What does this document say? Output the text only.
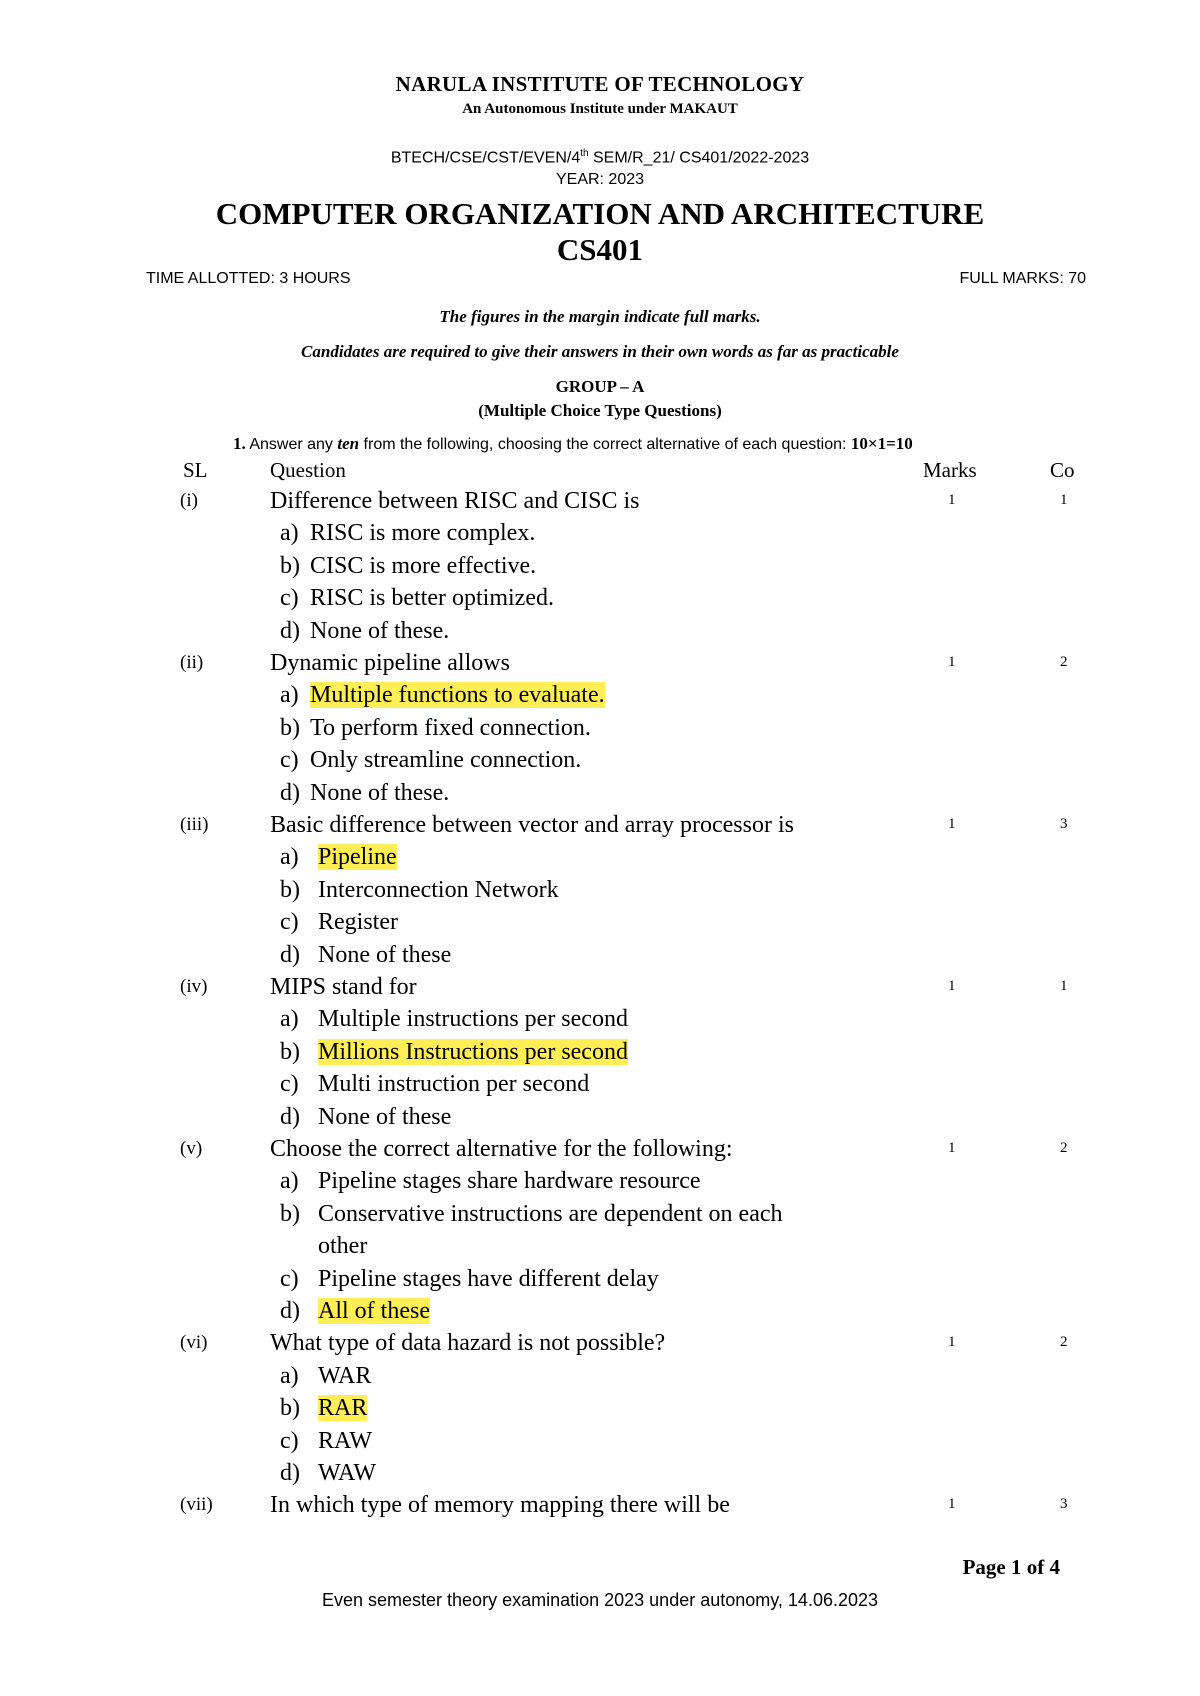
NARULA INSTITUTE OF TECHNOLOGY
An Autonomous Institute under MAKAUT
BTECH/CSE/CST/EVEN/4th SEM/R_21/ CS401/2022-2023
YEAR: 2023
COMPUTER ORGANIZATION AND ARCHITECTURE
CS401
TIME ALLOTTED: 3 HOURS	FULL MARKS: 70
The figures in the margin indicate full marks.
Candidates are required to give their answers in their own words as far as practicable
GROUP – A
(Multiple Choice Type Questions)
1. Answer any ten from the following, choosing the correct alternative of each question: 10×1=10
SL	Question	Marks	Co
(i)	Difference between RISC and CISC is	1	1
a) RISC is more complex.
b) CISC is more effective.
c) RISC is better optimized.
d) None of these.
(ii)	Dynamic pipeline allows	1	2
a) Multiple functions to evaluate.
b) To perform fixed connection.
c) Only streamline connection.
d) None of these.
(iii)	Basic difference between vector and array processor is	1	3
a) Pipeline
b) Interconnection Network
c) Register
d) None of these
(iv)	MIPS stand for	1	1
a) Multiple instructions per second
b) Millions Instructions per second
c) Multi instruction per second
d) None of these
(v)	Choose the correct alternative for the following:	1	2
a) Pipeline stages share hardware resource
b) Conservative instructions are dependent on each
other
c) Pipeline stages have different delay
d) All of these
(vi)	What type of data hazard is not possible?	1	2
a) WAR
b) RAR
c) RAW
d) WAW
(vii)	In which type of memory mapping there will be	1	3
Page 1 of 4
Even semester theory examination 2023 under autonomy, 14.06.2023
